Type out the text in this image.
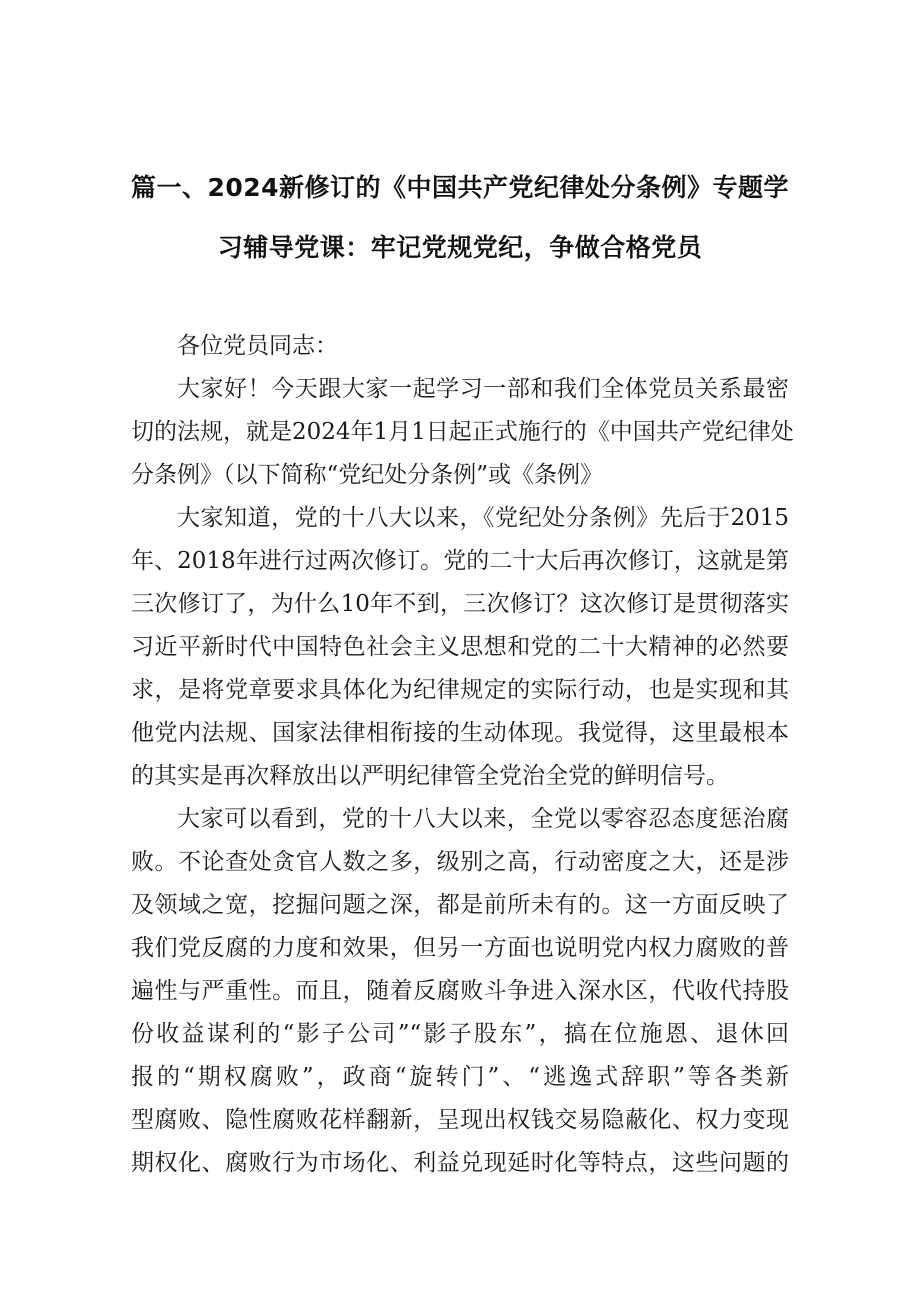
篇一、2024新修订的《中国共产党纪律处分条例》专题学
习辅导党课：牢记党规党纪，争做合格党员
各位党员同志：
大家好！今天跟大家一起学习一部和我们全体党员关系最密
切的法规，就是2024年1月1日起正式施行的《中国共产党纪律处
分条例》（以下简称“党纪处分条例”或《条例》
大家知道，党的十八大以来，《党纪处分条例》先后于2015
年、2018年进行过两次修订。党的二十大后再次修订，这就是第
三次修订了，为什么10年不到，三次修订？这次修订是贯彻落实
习近平新时代中国特色社会主义思想和党的二十大精神的必然要
求，是将党章要求具体化为纪律规定的实际行动，也是实现和其
他党内法规、国家法律相衔接的生动体现。我觉得，这里最根本
的其实是再次释放出以严明纪律管全党治全党的鲜明信号。
大家可以看到，党的十八大以来，全党以零容忍态度惩治腐
败。不论查处贪官人数之多，级别之高，行动密度之大，还是涉
及领域之宽，挖掘问题之深，都是前所未有的。这一方面反映了
我们党反腐的力度和效果，但另一方面也说明党内权力腐败的普
遍性与严重性。而且，随着反腐败斗争进入深水区，代收代持股
份收益谋利的“影子公司”“影子股东”，搞在位施恩、退休回
报的“期权腐败”，政商“旋转门”、“逃逸式辞职”等各类新
型腐败、隐性腐败花样翻新，呈现出权钱交易隐蔽化、权力变现
期权化、腐败行为市场化、利益兑现延时化等特点，这些问题的
